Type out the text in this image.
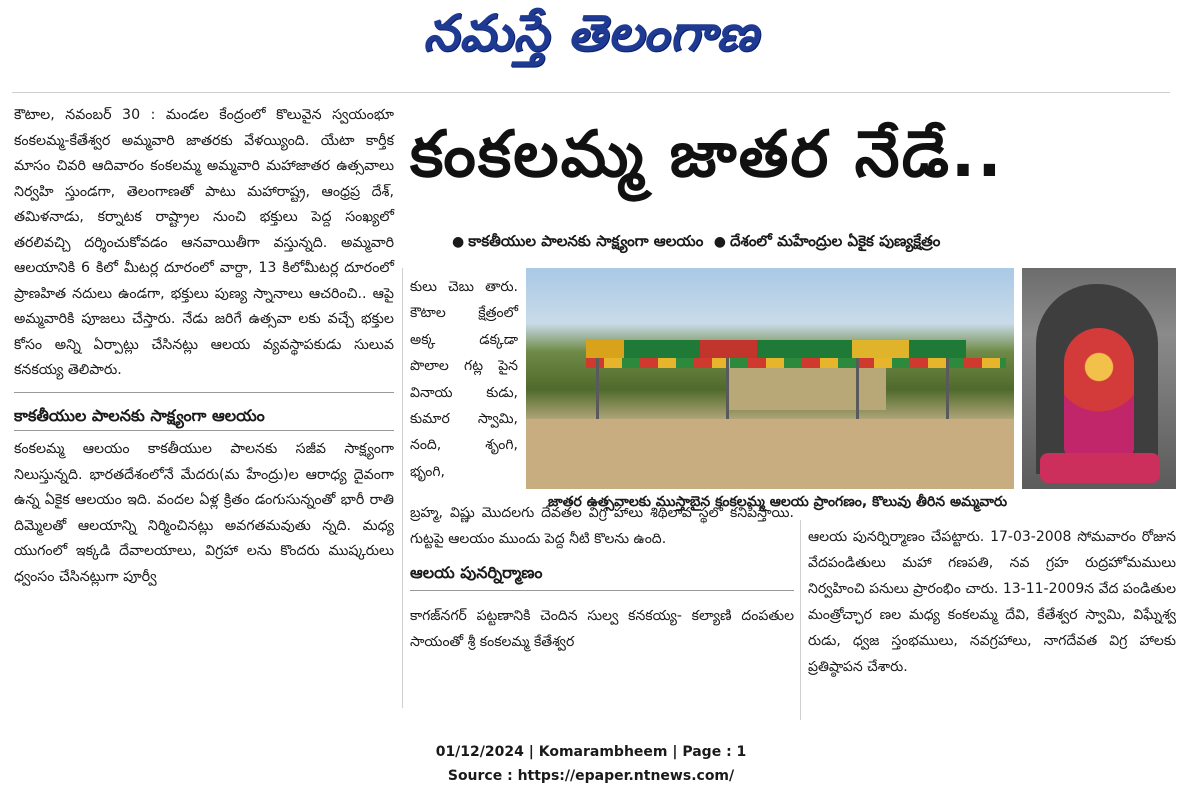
నమస్తే తెలంగాణ

కౌటాల, నవంబర్ 30 : మండల కేంద్రంలో కొలువైన స్వయంభూ కంకలమ్మ-కేతేశ్వర అమ్మవారి జాతరకు వేళయ్యింది. యేటా కార్తీక మాసం చివరి ఆదివారం కంకలమ్మ అమ్మవారి మహాజాతర ఉత్సవాలు నిర్వహి స్తుండగా, తెలంగాణతో పాటు మహారాష్ట్ర, ఆంధ్రప్ర దేశ్, తమిళనాడు, కర్నాటక రాష్ట్రాల నుంచి భక్తులు పెద్ద సంఖ్యలో తరలివచ్చి దర్శించుకోవడం ఆనవాయితీగా వస్తున్నది. అమ్మవారి ఆలయానికి 6 కిలో మీటర్ల దూరంలో వార్దా, 13 కిలోమీటర్ల దూరంలో ప్రాణహిత నదులు ఉండగా, భక్తులు పుణ్య స్నానాలు ఆచరించి.. ఆపై అమ్మవారికి పూజలు చేస్తారు. నేడు జరిగే ఉత్సవా లకు వచ్చే భక్తుల కోసం అన్ని ఏర్పాట్లు చేసినట్లు ఆలయ వ్యవస్థాపకుడు సులువ కనకయ్య తెలిపారు.

కాకతీయుల పాలనకు సాక్ష్యంగా ఆలయం

కంకలమ్మ ఆలయం కాకతీయుల పాలనకు సజీవ సాక్ష్యంగా నిలుస్తున్నది. భారతదేశంలోనే మేదరు(మ హేంద్రు)ల ఆరాధ్య దైవంగా ఉన్న ఏకైక ఆలయం ఇది. వందల ఏళ్ల క్రితం డంగుసున్నంతో భారీ రాతి దిమ్మెలతో ఆలయాన్ని నిర్మించినట్లు అవగతమవుతు న్నది. మధ్య యుగంలో ఇక్కడి దేవాలయాలు, విగ్రహా లను కొందరు ముష్కరులు ధ్వంసం చేసినట్లుగా పూర్వీ

కంకలమ్మ జాతర నేడే..
● కాకతీయుల పాలనకు సాక్ష్యంగా ఆలయం ● దేశంలో మహేంద్రుల ఏకైక పుణ్యక్షేత్రం
కులు చెబు తారు. కౌటాల క్షేత్రంలో అక్క డక్కడా పొలాల గట్ల పైన వినాయ కుడు, కుమార స్వామి, నంది, శృంగి, భృంగి,
జాతర ఉత్సవాలకు ముస్తాబైన కంకలమ్మ ఆలయ ప్రాంగణం, కొలువు తీరిన అమ్మవారు

బ్రహ్మ, విష్ణు మొదలగు దేవతల విగ్ర హాలు శిథిలావ స్థలో కనిపిస్తాయి. గుట్టపై ఆలయం ముందు పెద్ద నీటి కొలను ఉంది.

ఆలయ పునర్నిర్మాణం

కాగజ్‌నగర్ పట్టణానికి చెందిన సుల్వ కనకయ్య- కల్యాణి దంపతుల సాయంతో శ్రీ కంకలమ్మ కేతేశ్వర

ఆలయ పునర్నిర్మాణం చేపట్టారు. 17-03-2008 సోమవారం రోజున వేదపండితులు మహా గణపతి, నవ గ్రహ రుద్రహోమములు నిర్వహించి పనులు ప్రారంభిం చారు. 13-11-2009న వేద పండితుల మంత్రోచ్ఛార ణల మధ్య కంకలమ్మ దేవి, కేతేశ్వర స్వామి, విఘ్నేశ్వ రుడు, ధ్వజ స్తంభములు, నవగ్రహాలు, నాగదేవత విగ్ర హాలకు ప్రతిష్ఠాపన చేశారు.

01/12/2024 | Komarambheem | Page : 1
Source : https://epaper.ntnews.com/
